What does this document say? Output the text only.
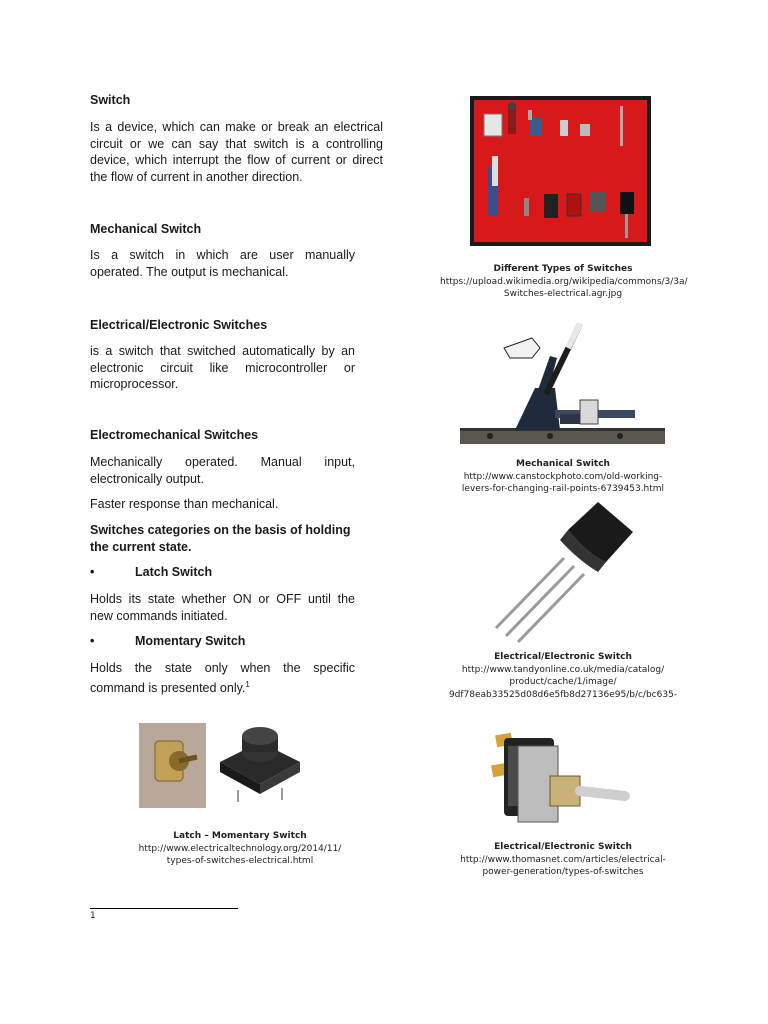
Switch
Is a device, which can make or break an electrical circuit or we can say that switch is a controlling device, which interrupt the flow of current or direct the flow of current in another direction.
Mechanical Switch
Is a switch in which are user manually operated. The output is mechanical.
Electrical/Electronic Switches
is a switch that switched automatically by an electronic circuit like microcontroller or microprocessor.
Electromechanical Switches
Mechanically operated. Manual input, electronically output.
Faster response than mechanical.
Switches categories on the basis of holding the current state.
•	Latch Switch
Holds its state whether ON or OFF until the new commands initiated.
•	Momentary Switch
Holds the state only when the specific command is presented only.$^1$
Different Types of Switches
https://upload.wikimedia.org/wikipedia/commons/3/3a/
Switches-electrical.agr.jpg
Mechanical Switch
http://www.canstockphoto.com/old-working-
levers-for-changing-rail-points-6739453.html
Electrical/Electronic Switch
http://www.tandyonline.co.uk/media/catalog/
product/cache/1/image/
9df78eab33525d08d6e5fb8d27136e95/b/c/bc635-
Electrical/Electronic Switch
http://www.thomasnet.com/articles/electrical-
power-generation/types-of-switches
Latch – Momentary Switch
http://www.electricaltechnology.org/2014/11/
types-of-switches-electrical.html
1
